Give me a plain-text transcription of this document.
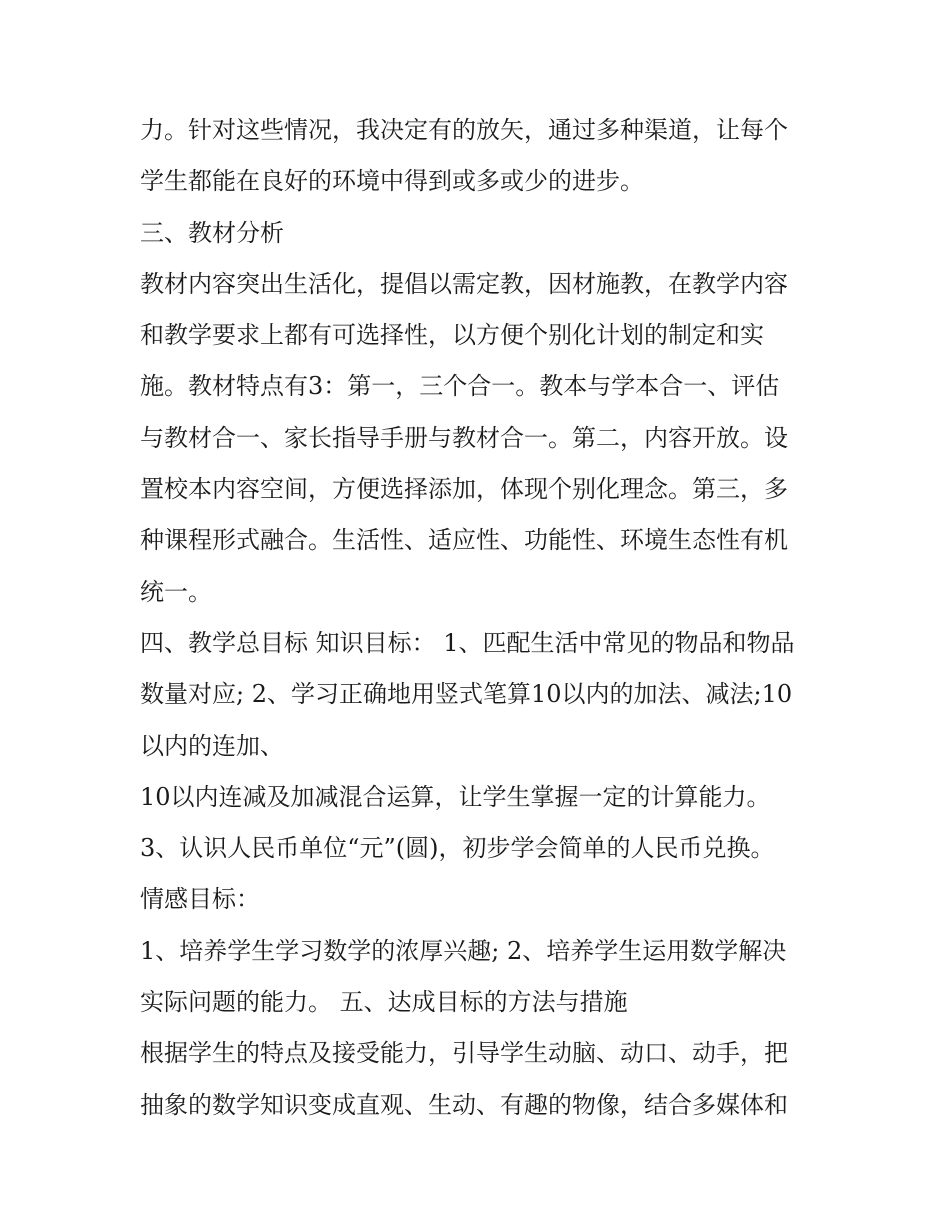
力。针对这些情况，我决定有的放矢，通过多种渠道，让每个
学生都能在良好的环境中得到或多或少的进步。
三、教材分析
教材内容突出生活化，提倡以需定教，因材施教，在教学内容
和教学要求上都有可选择性，以方便个别化计划的制定和实
施。教材特点有3：第一，三个合一。教本与学本合一、评估
与教材合一、家长指导手册与教材合一。第二，内容开放。设
置校本内容空间，方便选择添加，体现个别化理念。第三，多
种课程形式融合。生活性、适应性、功能性、环境生态性有机
统一。
四、教学总目标 知识目标： 1、匹配生活中常见的物品和物品
数量对应; 2、学习正确地用竖式笔算10以内的加法、减法;10
以内的连加、
10以内连减及加减混合运算，让学生掌握一定的计算能力。
3、认识人民币单位“元”(圆)，初步学会简单的人民币兑换。
情感目标：
1、培养学生学习数学的浓厚兴趣; 2、培养学生运用数学解决
实际问题的能力。 五、达成目标的方法与措施
根据学生的特点及接受能力，引导学生动脑、动口、动手，把
抽象的数学知识变成直观、生动、有趣的物像，结合多媒体和
